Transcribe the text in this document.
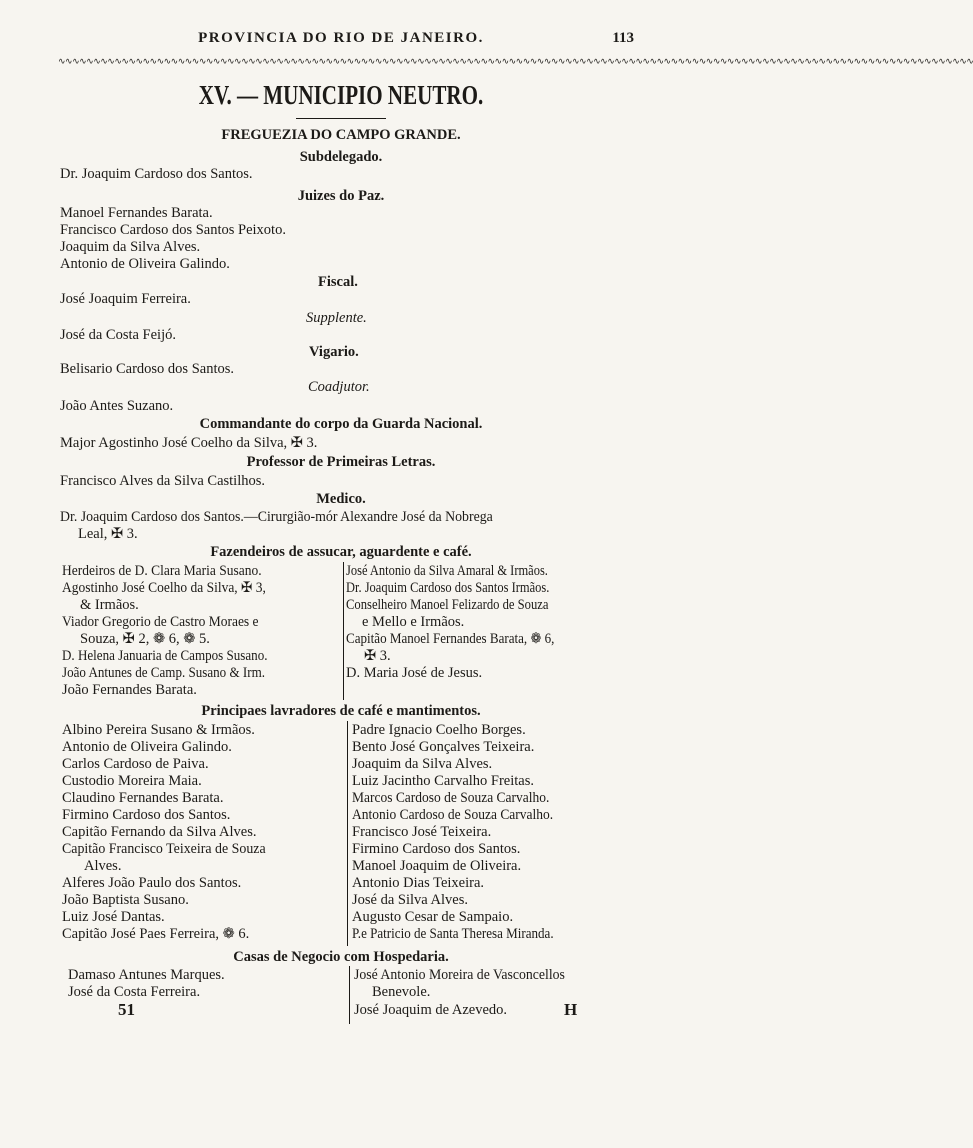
PROVINCIA DO RIO DE JANEIRO.	113
∿∿∿∿∿∿∿∿∿∿∿∿∿∿∿∿∿∿∿∿∿∿∿∿∿∿∿∿∿∿∿∿∿∿∿∿∿∿∿∿∿∿∿∿∿∿∿∿∿∿∿∿∿∿∿∿∿∿∿∿∿∿∿∿∿∿∿∿∿∿∿∿∿∿∿∿∿∿∿∿∿∿∿∿∿∿∿∿∿∿∿∿∿∿∿∿∿∿∿∿∿∿∿∿∿∿∿∿∿∿∿∿∿∿∿∿∿∿∿∿∿∿∿∿∿∿∿∿∿∿
XV. — MUNICIPIO NEUTRO.
FREGUEZIA DO CAMPO GRANDE.
Subdelegado.
Dr. Joaquim Cardoso dos Santos.
Juizes do Paz.
Manoel Fernandes Barata.
Francisco Cardoso dos Santos Peixoto.
Joaquim da Silva Alves.
Antonio de Oliveira Galindo.
Fiscal.
José Joaquim Ferreira.
Supplente.
José da Costa Feijó.
Vigario.
Belisario Cardoso dos Santos.
Coadjutor.
João Antes Suzano.
Commandante do corpo da Guarda Nacional.
Major Agostinho José Coelho da Silva, ✠ 3.
Professor de Primeiras Letras.
Francisco Alves da Silva Castilhos.
Medico.
Dr. Joaquim Cardoso dos Santos.—Cirurgião-mór Alexandre José da Nobrega
Leal, ✠ 3.
Fazendeiros de assucar, aguardente e café.
Herdeiros de D. Clara Maria Susano.
Agostinho José Coelho da Silva, ✠ 3,
& Irmãos.
Viador Gregorio de Castro Moraes e
Souza, ✠ 2, ❁ 6, ❁ 5.
D. Helena Januaria de Campos Susano.
João Antunes de Camp. Susano & Irm.
João Fernandes Barata.
José Antonio da Silva Amaral & Irmãos.
Dr. Joaquim Cardoso dos Santos Irmãos.
Conselheiro Manoel Felizardo de Souza
e Mello e Irmãos.
Capitão Manoel Fernandes Barata, ❁ 6,
✠ 3.
D. Maria José de Jesus.
Principaes lavradores de café e mantimentos.
Albino Pereira Susano & Irmãos.
Antonio de Oliveira Galindo.
Carlos Cardoso de Paiva.
Custodio Moreira Maia.
Claudino Fernandes Barata.
Firmino Cardoso dos Santos.
Capitão Fernando da Silva Alves.
Capitão Francisco Teixeira de Souza
Alves.
Alferes João Paulo dos Santos.
João Baptista Susano.
Luiz José Dantas.
Capitão José Paes Ferreira, ❁ 6.
Padre Ignacio Coelho Borges.
Bento José Gonçalves Teixeira.
Joaquim da Silva Alves.
Luiz Jacintho Carvalho Freitas.
Marcos Cardoso de Souza Carvalho.
Antonio Cardoso de Souza Carvalho.
Francisco José Teixeira.
Firmino Cardoso dos Santos.
Manoel Joaquim de Oliveira.
Antonio Dias Teixeira.
José da Silva Alves.
Augusto Cesar de Sampaio.
P.e Patricio de Santa Theresa Miranda.
Casas de Negocio com Hospedaria.
Damaso Antunes Marques.
José da Costa Ferreira.
José Antonio Moreira de Vasconcellos
Benevole.
José Joaquim de Azevedo.
51	H
